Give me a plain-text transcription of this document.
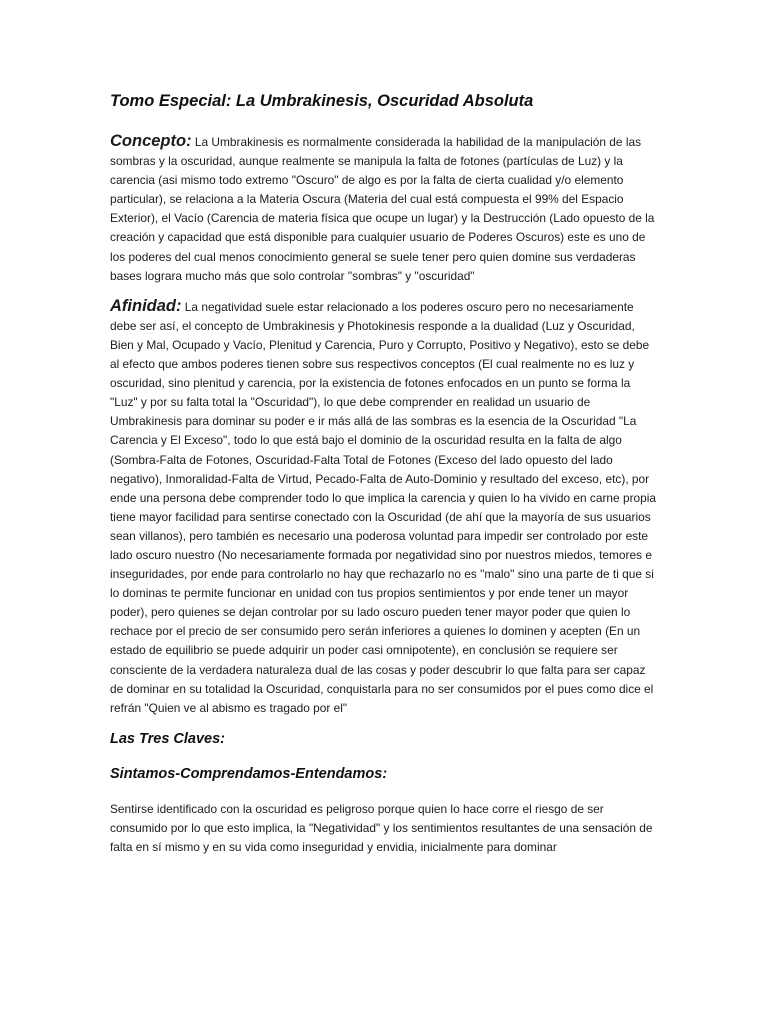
Tomo Especial: La Umbrakinesis, Oscuridad Absoluta

Concepto: La Umbrakinesis es normalmente considerada la habilidad de la manipulación de las sombras y la oscuridad, aunque realmente se manipula la falta de fotones (partículas de Luz) y la carencia (asi mismo todo extremo "Oscuro" de algo es por la falta de cierta cualidad y/o elemento particular), se relaciona a la Materia Oscura (Materia del cual está compuesta el 99% del Espacio Exterior), el Vacío (Carencia de materia física que ocupe un lugar) y la Destrucción (Lado opuesto de la creación y capacidad que está disponible para cualquier usuario de Poderes Oscuros) este es uno de los poderes del cual menos conocimiento general se suele tener pero quien domine sus verdaderas bases lograra mucho más que solo controlar "sombras" y "oscuridad"

Afinidad: La negatividad suele estar relacionado a los poderes oscuro pero no necesariamente debe ser así, el concepto de Umbrakinesis y Photokinesis responde a la dualidad (Luz y Oscuridad, Bien y Mal, Ocupado y Vacío, Plenitud y Carencia, Puro y Corrupto, Positivo y Negativo), esto se debe al efecto que ambos poderes tienen sobre sus respectivos conceptos (El cual realmente no es luz y oscuridad, sino plenitud y carencia, por la existencia de fotones enfocados en un punto se forma la "Luz" y por su falta total la "Oscuridad"), lo que debe comprender en realidad un usuario de Umbrakinesis para dominar su poder e ir más allá de las sombras es la esencia de la Oscuridad "La Carencia y El Exceso", todo lo que está bajo el dominio de la oscuridad resulta en la falta de algo (Sombra-Falta de Fotones, Oscuridad-Falta Total de Fotones (Exceso del lado opuesto del lado negativo), Inmoralidad-Falta de Virtud, Pecado-Falta de Auto-Dominio y resultado del exceso, etc), por ende una persona debe comprender todo lo que implica la carencia y quien lo ha vivido en carne propia tiene mayor facilidad para sentirse conectado con la Oscuridad (de ahí que la mayoría de sus usuarios sean villanos), pero también es necesario una poderosa voluntad para impedir ser controlado por este lado oscuro nuestro (No necesariamente formada por negatividad sino por nuestros miedos, temores e inseguridades, por ende para controlarlo no hay que rechazarlo no es "malo" sino una parte de ti que si lo dominas te permite funcionar en unidad con tus propios sentimientos y por ende tener un mayor poder), pero quienes se dejan controlar por su lado oscuro pueden tener mayor poder que quien lo rechace por el precio de ser consumido pero serán inferiores a quienes lo dominen y acepten (En un estado de equilibrio se puede adquirir un poder casi omnipotente), en conclusión se requiere ser consciente de la verdadera naturaleza dual de las cosas y poder descubrir lo que falta para ser capaz de dominar en su totalidad la Oscuridad, conquistarla para no ser consumidos por el pues como dice el refrán "Quien ve al abismo es tragado por el"

Las Tres Claves:
Sintamos-Comprendamos-Entendamos:

Sentirse identificado con la oscuridad es peligroso porque quien lo hace corre el riesgo de ser consumido por lo que esto implica, la "Negatividad" y los sentimientos resultantes de una sensación de falta en sí mismo y en su vida como inseguridad y envidia, inicialmente para dominar

·
